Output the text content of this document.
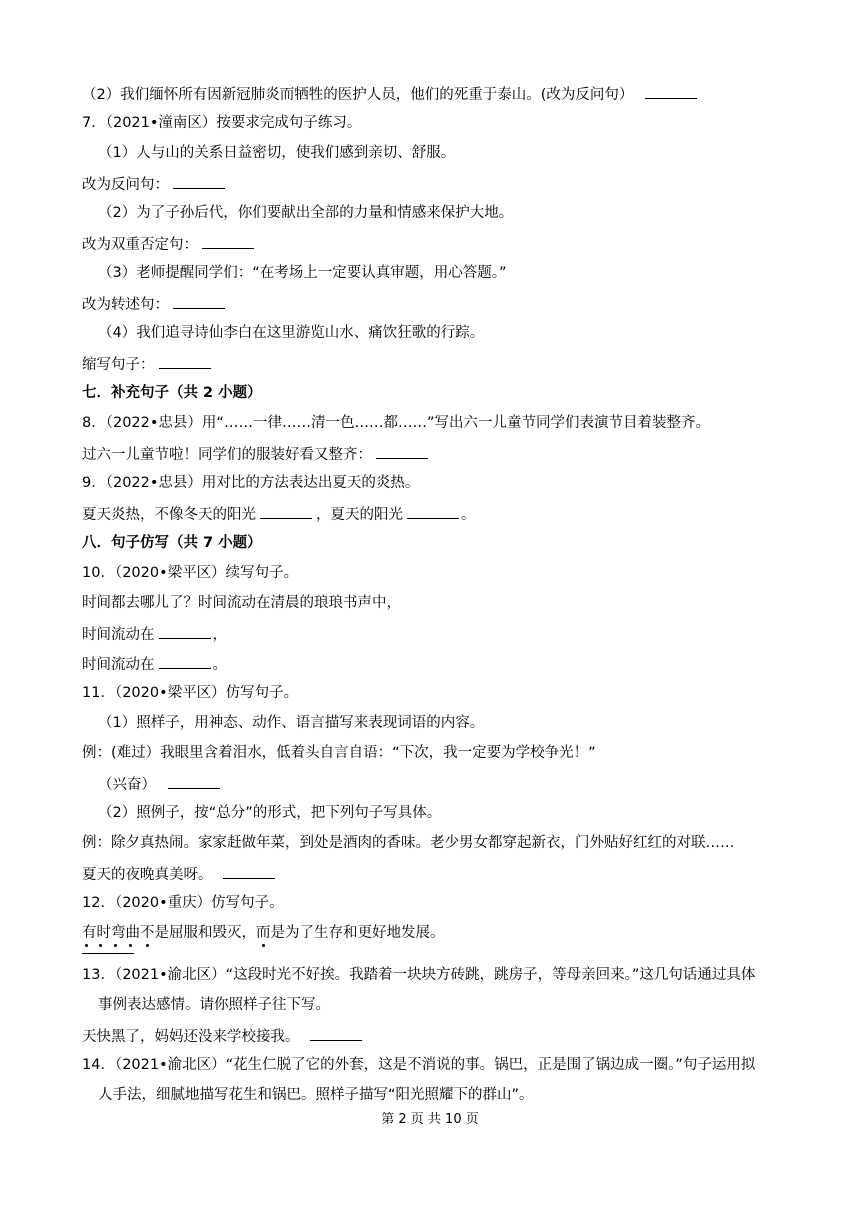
（2）我们缅怀所有因新冠肺炎而牺牲的医护人员，他们的死重于泰山。(改为反问句）
7．（2021•潼南区）按要求完成句子练习。
（1）人与山的关系日益密切，使我们感到亲切、舒服。
改为反问句：
（2）为了子孙后代，你们要献出全部的力量和情感来保护大地。
改为双重否定句：
（3）老师提醒同学们：“在考场上一定要认真审题，用心答题。”
改为转述句：
（4）我们追寻诗仙李白在这里游览山水、痛饮狂歌的行踪。
缩写句子：
七．补充句子（共 2 小题）
8．（2022•忠县）用“……一律……清一色……都……”写出六一儿童节同学们表演节目着装整齐。
过六一儿童节啦！同学们的服装好看又整齐：
9．（2022•忠县）用对比的方法表达出夏天的炎热。
夏天炎热，不像冬天的阳光	，夏天的阳光	。
八．句子仿写（共 7 小题）
10．（2020•梁平区）续写句子。
时间都去哪儿了？时间流动在清晨的琅琅书声中，
时间流动在	，
时间流动在	。
11．（2020•梁平区）仿写句子。
（1）照样子，用神态、动作、语言描写来表现词语的内容。
例：(难过）我眼里含着泪水，低着头自言自语：“下次，我一定要为学校争光！”
（兴奋）
（2）照例子，按“总分”的形式，把下列句子写具体。
例：除夕真热闹。家家赶做年菜，到处是酒肉的香味。老少男女都穿起新衣，门外贴好红红的对联……
夏天的夜晚真美呀。
12．（2020•重庆）仿写句子。
有时弯曲
不
是屈服和毁灭，而
是为了生存和更好地发展。
13．（2021•渝北区）“这段时光不好挨。我踏着一块块方砖跳，跳房子，等母亲回来。”这几句话通过具体
事例表达感情。请你照样子往下写。
天快黑了，妈妈还没来学校接我。
14．（2021•渝北区）“花生仁脱了它的外套，这是不消说的事。锅巴，正是围了锅边成一圈。”句子运用拟
人手法，细腻地描写花生和锅巴。照样子描写“阳光照耀下的群山”。
第 2 页 共 10 页
